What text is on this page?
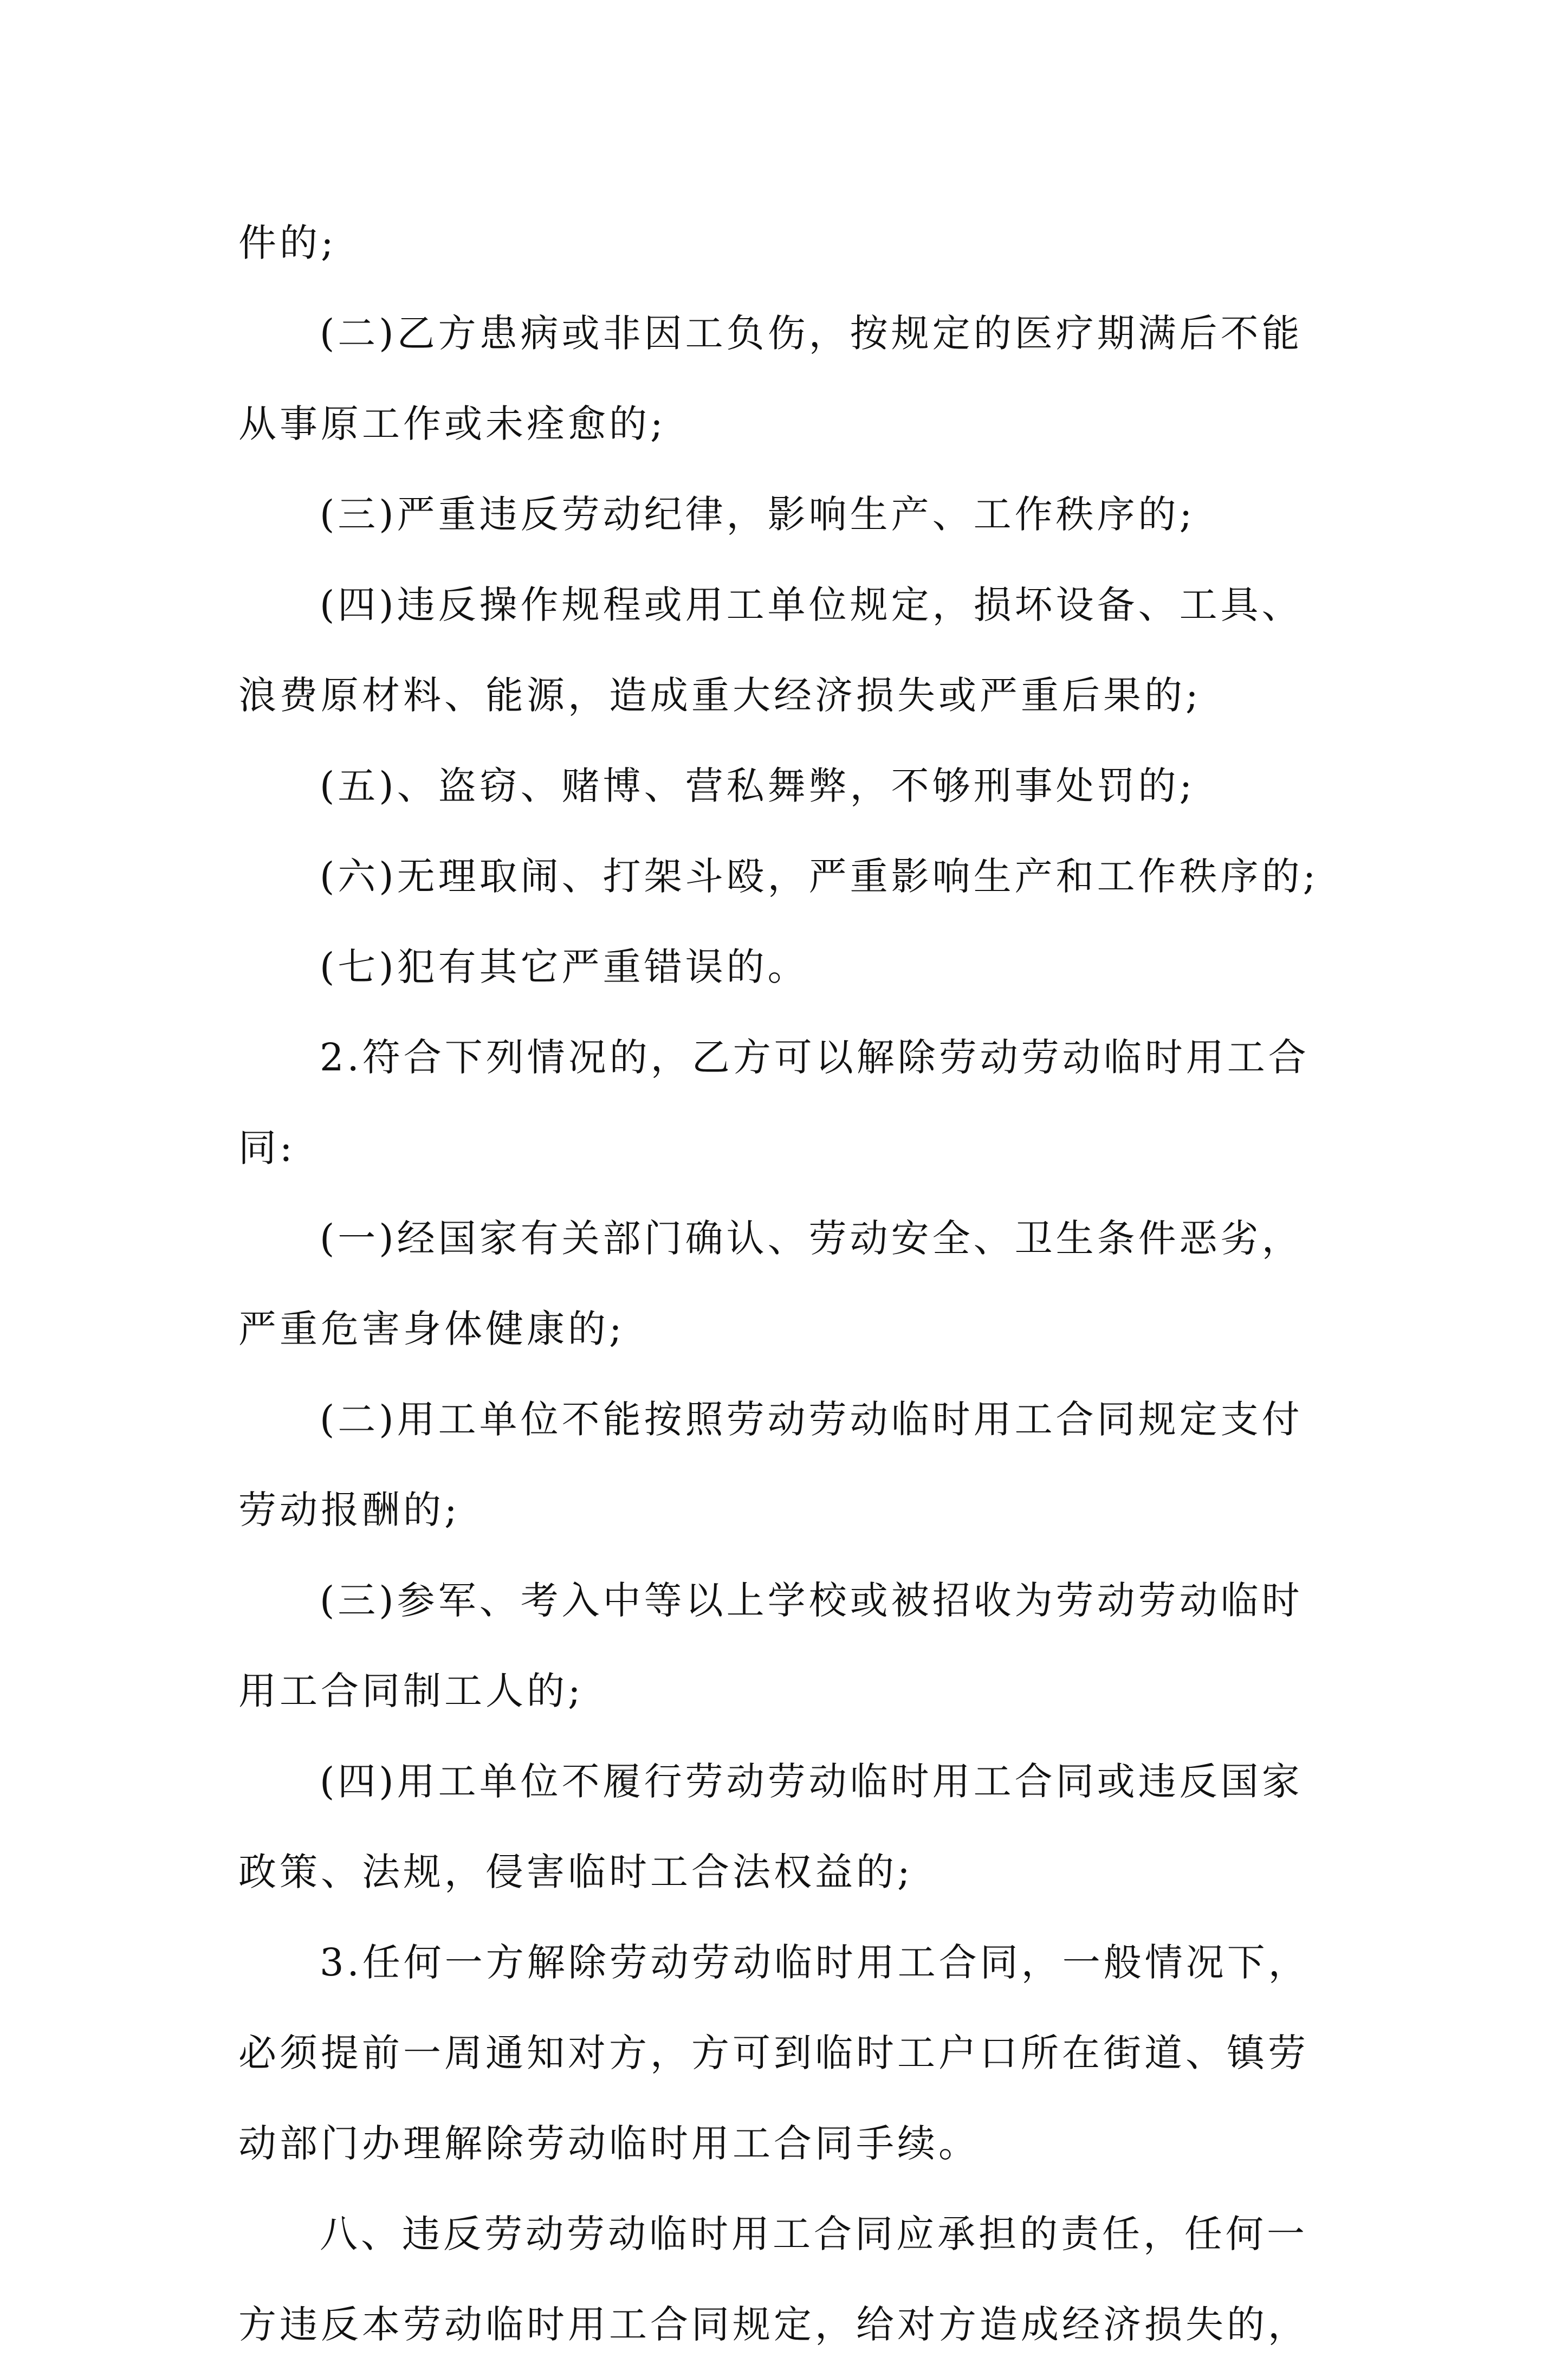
件的;
(二)乙方患病或非因工负伤，按规定的医疗期满后不能
从事原工作或未痊愈的;
(三)严重违反劳动纪律，影响生产、工作秩序的;
(四)违反操作规程或用工单位规定，损坏设备、工具、
浪费原材料、能源，造成重大经济损失或严重后果的;
(五)、盗窃、赌博、营私舞弊，不够刑事处罚的;
(六)无理取闹、打架斗殴，严重影响生产和工作秩序的;
(七)犯有其它严重错误的。
2.符合下列情况的，乙方可以解除劳动劳动临时用工合
同:
(一)经国家有关部门确认、劳动安全、卫生条件恶劣，
严重危害身体健康的;
(二)用工单位不能按照劳动劳动临时用工合同规定支付
劳动报酬的;
(三)参军、考入中等以上学校或被招收为劳动劳动临时
用工合同制工人的;
(四)用工单位不履行劳动劳动临时用工合同或违反国家
政策、法规，侵害临时工合法权益的;
3.任何一方解除劳动劳动临时用工合同，一般情况下，
必须提前一周通知对方，方可到临时工户口所在街道、镇劳
动部门办理解除劳动临时用工合同手续。
八、违反劳动劳动临时用工合同应承担的责任，任何一
方违反本劳动临时用工合同规定，给对方造成经济损失的，
